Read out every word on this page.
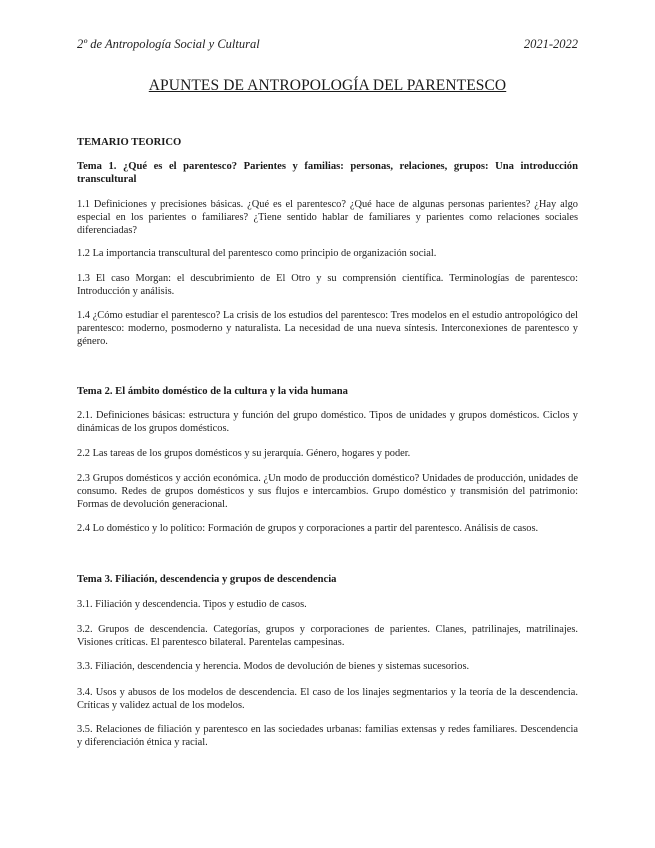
2º de Antropología Social y Cultural	2021-2022
APUNTES DE ANTROPOLOGÍA DEL PARENTESCO
TEMARIO TEORICO
Tema 1. ¿Qué es el parentesco? Parientes y familias: personas, relaciones, grupos: Una introducción transcultural
1.1 Definiciones y precisiones básicas. ¿Qué es el parentesco? ¿Qué hace de algunas personas parientes? ¿Hay algo especial en los parientes o familiares? ¿Tiene sentido hablar de familiares y parientes como relaciones sociales diferenciadas?
1.2 La importancia transcultural del parentesco como principio de organización social.
1.3 El caso Morgan: el descubrimiento de El Otro y su comprensión científica. Terminologías de parentesco: Introducción y análisis.
1.4 ¿Cómo estudiar el parentesco? La crisis de los estudios del parentesco: Tres modelos en el estudio antropológico del parentesco: moderno, posmoderno y naturalista. La necesidad de una nueva síntesis. Interconexiones de parentesco y género.
Tema 2. El ámbito doméstico de la cultura y la vida humana
2.1. Definiciones básicas: estructura y función del grupo doméstico. Tipos de unidades y grupos domésticos. Ciclos y dinámicas de los grupos domésticos.
2.2 Las tareas de los grupos domésticos y su jerarquía. Género, hogares y poder.
2.3 Grupos domésticos y acción económica. ¿Un modo de producción doméstico? Unidades de producción, unidades de consumo. Redes de grupos domésticos y sus flujos e intercambios. Grupo doméstico y transmisión del patrimonio: Formas de devolución generacional.
2.4 Lo doméstico y lo político: Formación de grupos y corporaciones a partir del parentesco. Análisis de casos.
Tema 3. Filiación, descendencia y grupos de descendencia
3.1. Filiación y descendencia. Tipos y estudio de casos.
3.2. Grupos de descendencia. Categorías, grupos y corporaciones de parientes. Clanes, patrilinajes, matrilinajes. Visiones críticas. El parentesco bilateral. Parentelas campesinas.
3.3. Filiación, descendencia y herencia. Modos de devolución de bienes y sistemas sucesorios.
3.4. Usos y abusos de los modelos de descendencia. El caso de los linajes segmentarios y la teoría de la descendencia. Críticas y validez actual de los modelos.
3.5. Relaciones de filiación y parentesco en las sociedades urbanas: familias extensas y redes familiares. Descendencia y diferenciación étnica y racial.
